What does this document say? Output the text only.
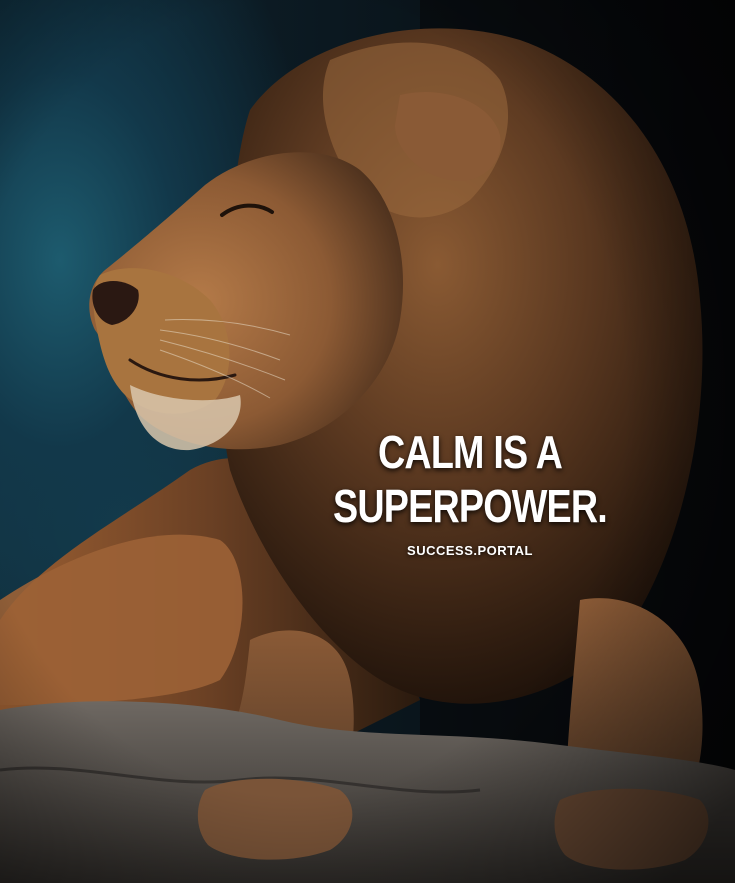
CALM IS A
SUPERPOWER.
SUCCESS.PORTAL
